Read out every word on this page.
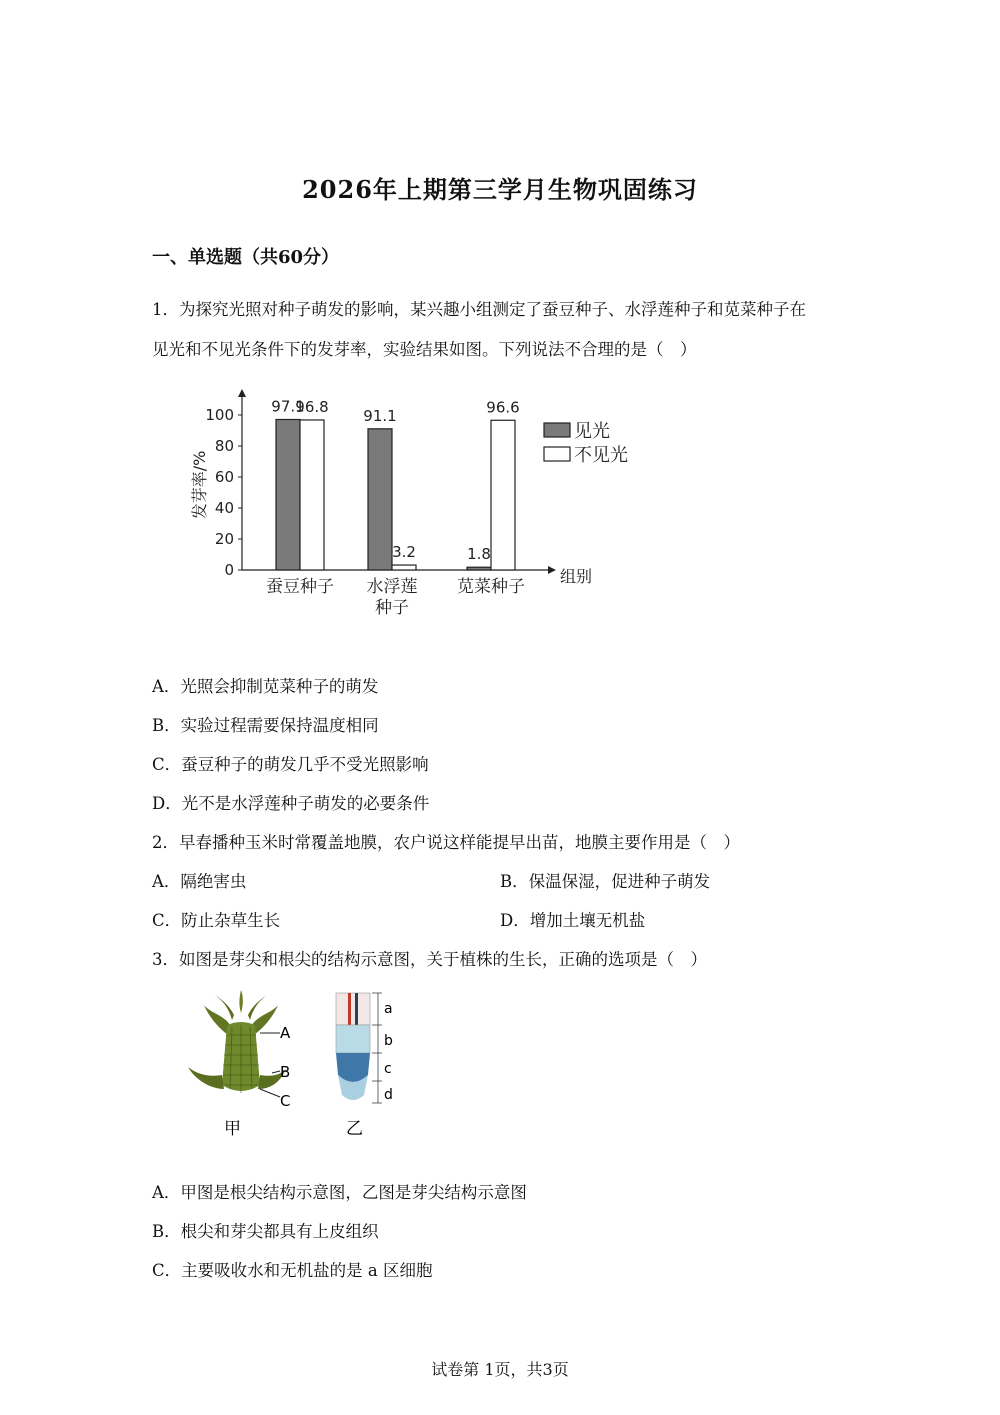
2026年上期第三学月生物巩固练习
一、单选题（共60分）
1．为探究光照对种子萌发的影响，某兴趣小组测定了蚕豆种子、水浮莲种子和苋菜种子在
见光和不见光条件下的发芽率，实验结果如图。下列说法不合理的是（　）
0
20
40
60
80
100
发芽率/%
组别
97.1
96.8
蚕豆种子
91.1
3.2
水浮莲
种子
1.8
96.6
苋菜种子
见光
不见光
A．光照会抑制苋菜种子的萌发
B．实验过程需要保持温度相同
C．蚕豆种子的萌发几乎不受光照影响
D．光不是水浮莲种子萌发的必要条件
2．早春播种玉米时常覆盖地膜，农户说这样能提早出苗，地膜主要作用是（　）
A．隔绝害虫	B．保温保湿，促进种子萌发
C．防止杂草生长	D．增加土壤无机盐
3．如图是芽尖和根尖的结构示意图，关于植株的生长，正确的选项是（　）
A
B
C
甲
a
b
c
d
乙
A．甲图是根尖结构示意图，乙图是芽尖结构示意图
B．根尖和芽尖都具有上皮组织
C．主要吸收水和无机盐的是 a 区细胞
试卷第 1页，共3页
